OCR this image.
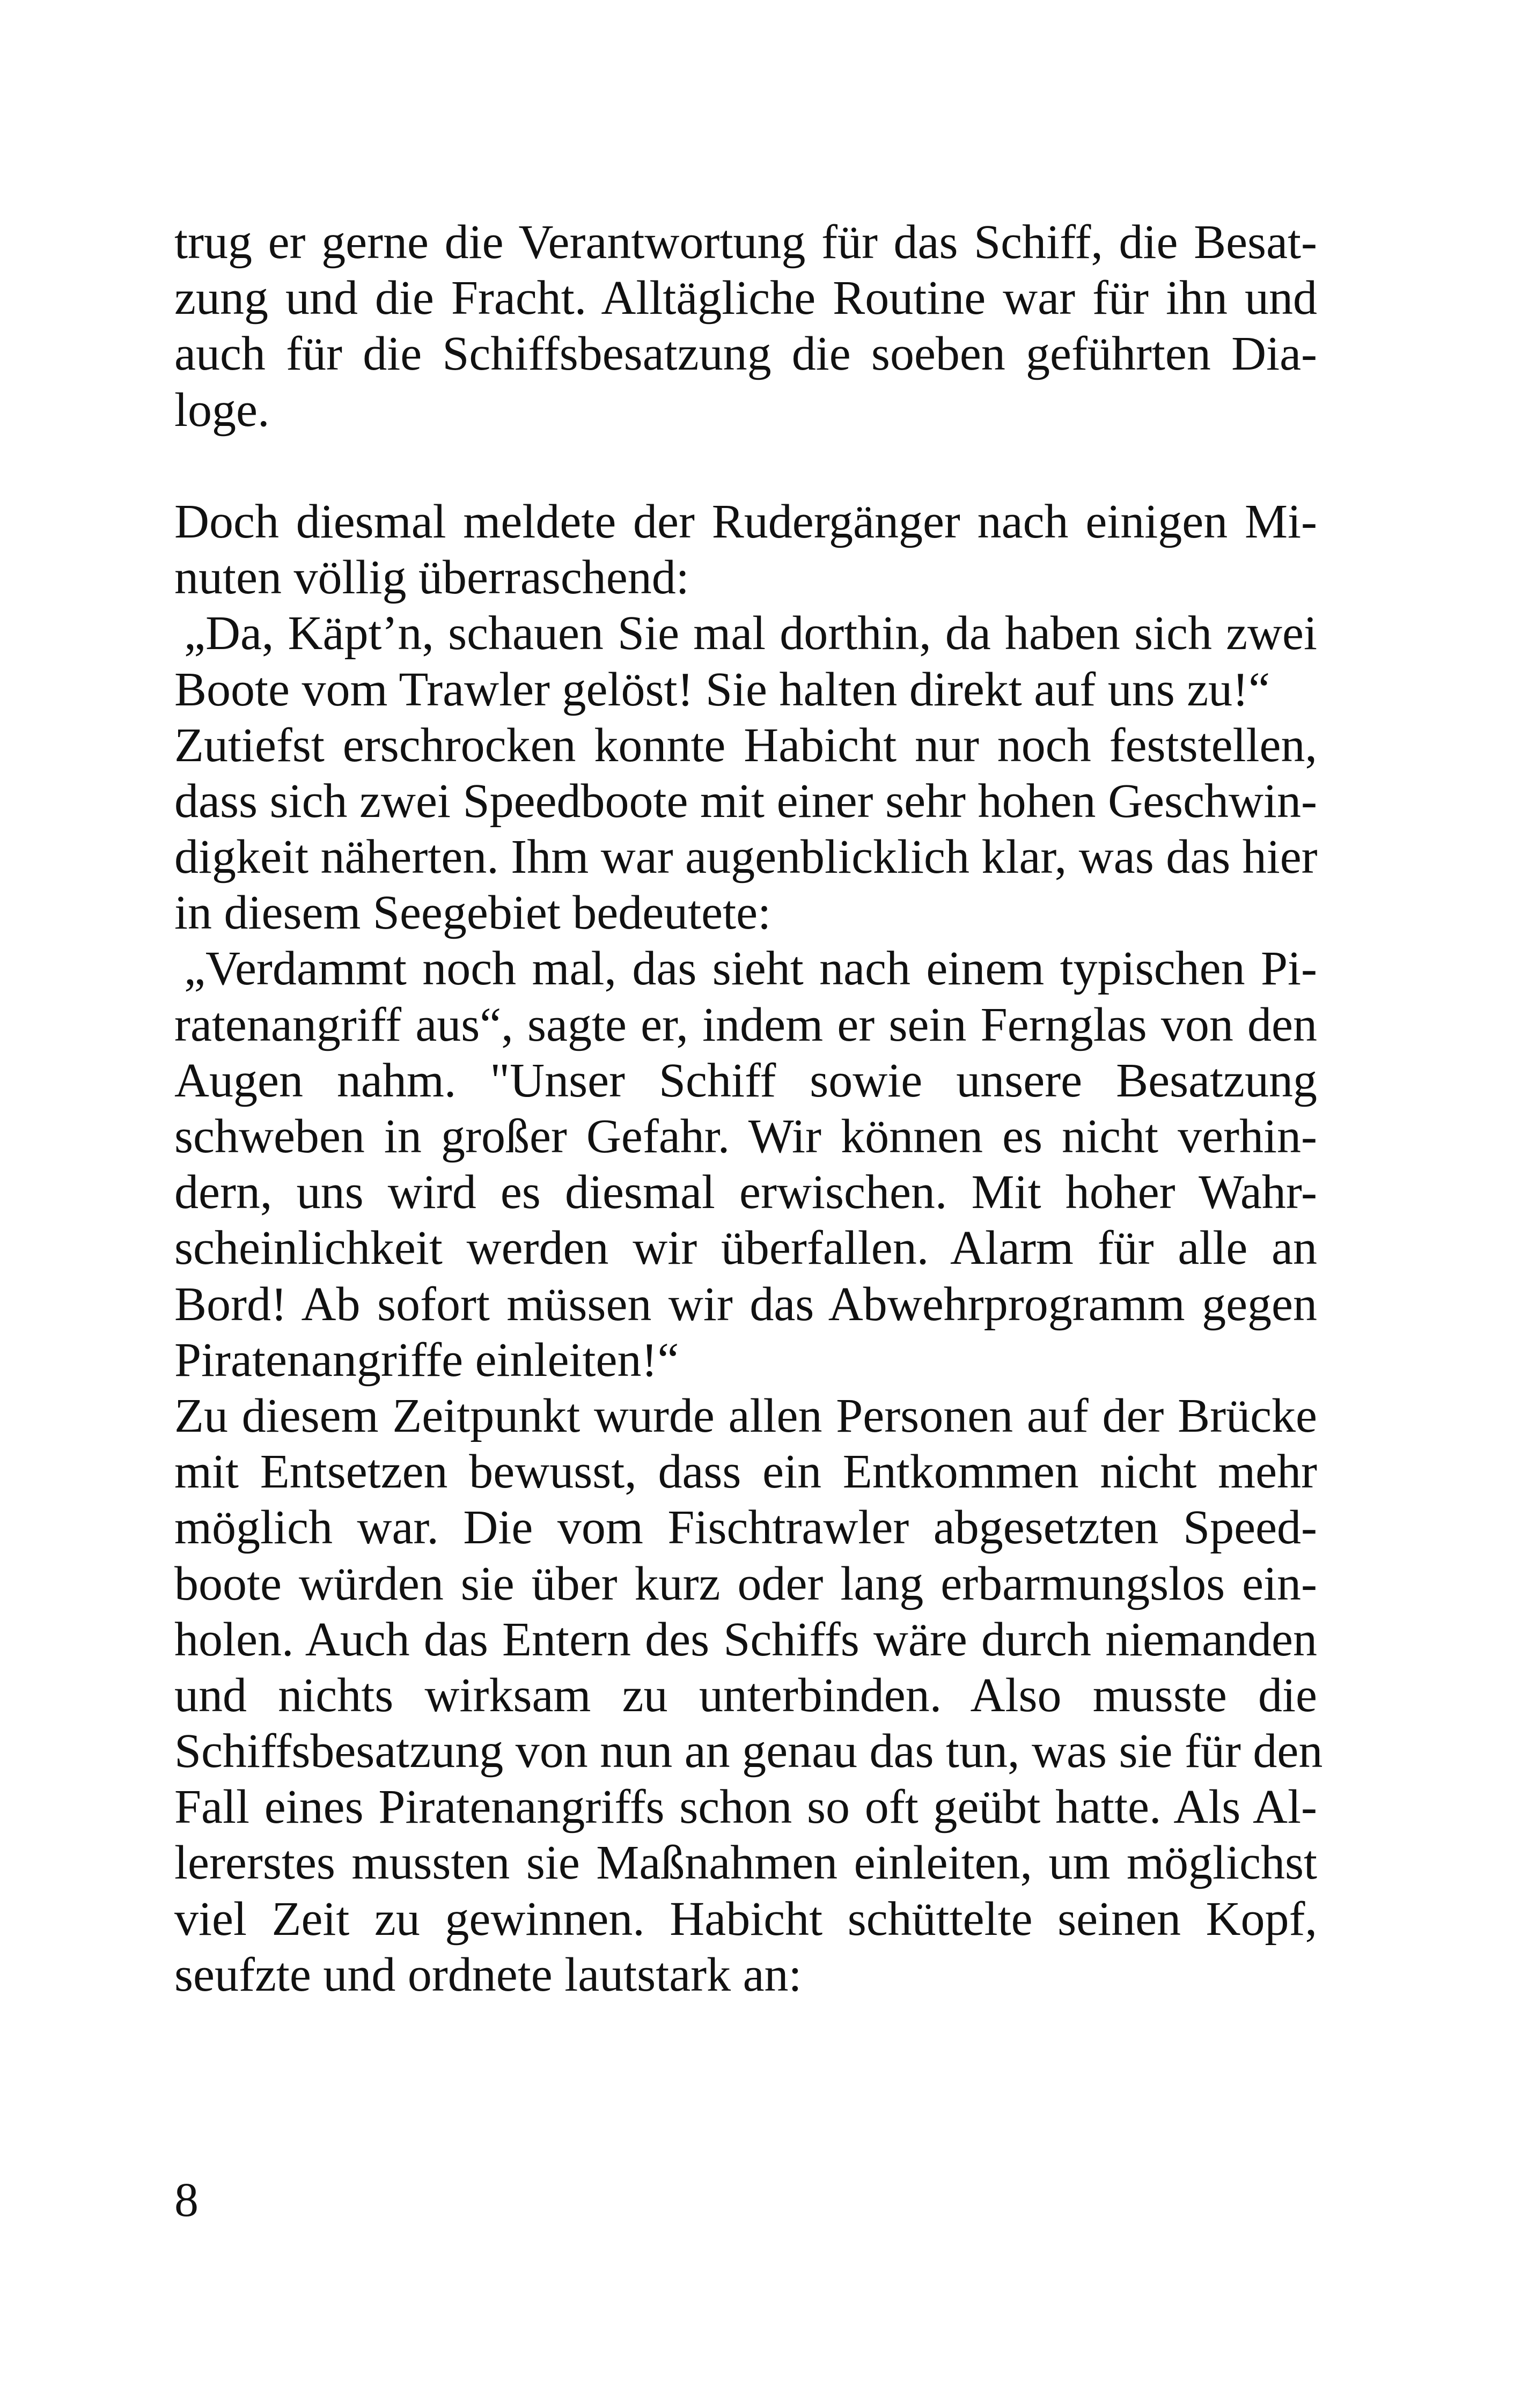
trug er gerne die Verantwortung für das Schiff, die Besat-
zung und die Fracht. Alltägliche Routine war für ihn und
auch für die Schiffsbesatzung die soeben geführten Dia-
loge.
Doch diesmal meldete der Rudergänger nach einigen Mi-
nuten völlig überraschend:
„Da, Käpt’n, schauen Sie mal dorthin, da haben sich zwei
Boote vom Trawler gelöst! Sie halten direkt auf uns zu!“
Zutiefst erschrocken konnte Habicht nur noch feststellen,
dass sich zwei Speedboote mit einer sehr hohen Geschwin-
digkeit näherten. Ihm war augenblicklich klar, was das hier
in diesem Seegebiet bedeutete:
„Verdammt noch mal, das sieht nach einem typischen Pi-
ratenangriff aus“, sagte er, indem er sein Fernglas von den
Augen nahm. "Unser Schiff sowie unsere Besatzung
schweben in großer Gefahr. Wir können es nicht verhin-
dern, uns wird es diesmal erwischen. Mit hoher Wahr-
scheinlichkeit werden wir überfallen. Alarm für alle an
Bord! Ab sofort müssen wir das Abwehrprogramm gegen
Piratenangriffe einleiten!“
Zu diesem Zeitpunkt wurde allen Personen auf der Brücke
mit Entsetzen bewusst, dass ein Entkommen nicht mehr
möglich war. Die vom Fischtrawler abgesetzten Speed-
boote würden sie über kurz oder lang erbarmungslos ein-
holen. Auch das Entern des Schiffs wäre durch niemanden
und nichts wirksam zu unterbinden. Also musste die
Schiffsbesatzung von nun an genau das tun, was sie für den
Fall eines Piratenangriffs schon so oft geübt hatte. Als Al-
lererstes mussten sie Maßnahmen einleiten, um möglichst
viel Zeit zu gewinnen. Habicht schüttelte seinen Kopf,
seufzte und ordnete lautstark an:
8
